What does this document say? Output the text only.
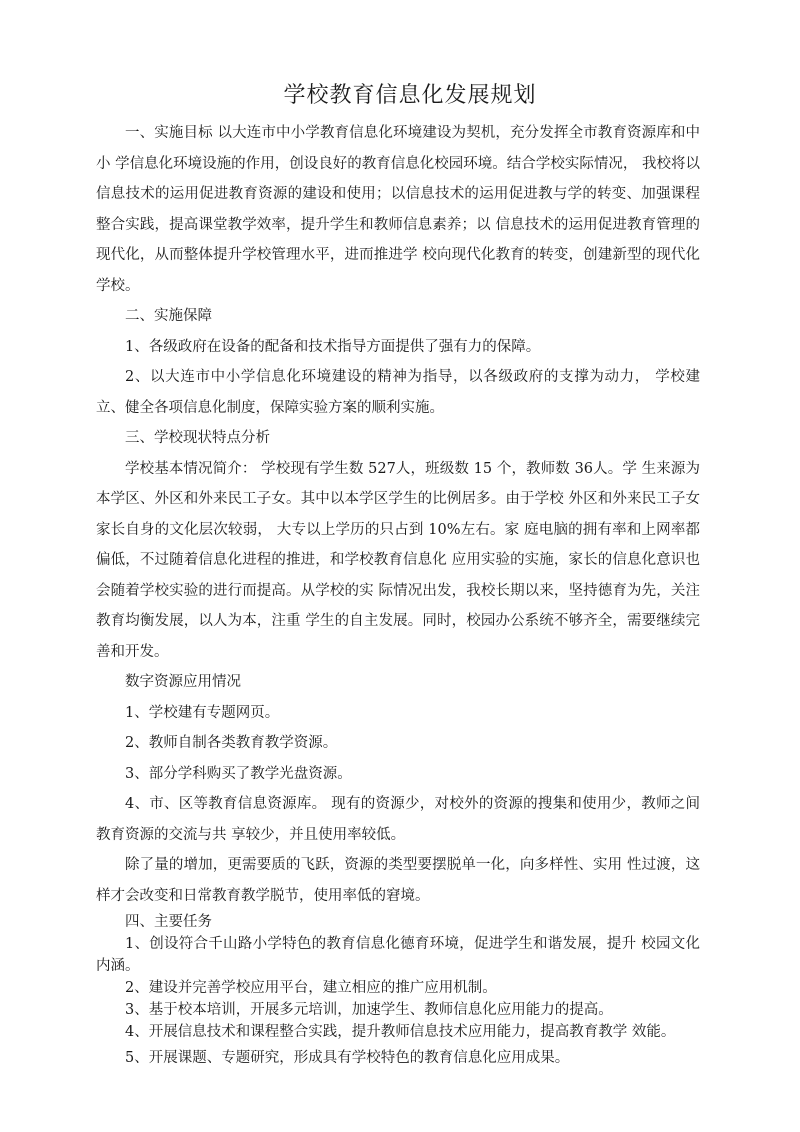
学校教育信息化发展规划

一、实施目标 以大连市中小学教育信息化环境建设为契机，充分发挥全市教育资源库和中小 学信息化环境设施的作用，创设良好的教育信息化校园环境。结合学校实际情况， 我校将以信息技术的运用促进教育资源的建设和使用；以信息技术的运用促进教与学的转变、加强课程整合实践，提高课堂教学效率，提升学生和教师信息素养；以 信息技术的运用促进教育管理的现代化，从而整体提升学校管理水平，进而推进学 校向现代化教育的转变，创建新型的现代化学校。

二、实施保障

1、各级政府在设备的配备和技术指导方面提供了强有力的保障。

2、以大连市中小学信息化环境建设的精神为指导，以各级政府的支撑为动力， 学校建立、健全各项信息化制度，保障实验方案的顺利实施。

三、学校现状特点分析

学校基本情况简介： 学校现有学生数 527人，班级数 15 个，教师数 36人。学 生来源为本学区、外区和外来民工子女。其中以本学区学生的比例居多。由于学校 外区和外来民工子女家长自身的文化层次较弱， 大专以上学历的只占到 10%左右。家 庭电脑的拥有率和上网率都偏低，不过随着信息化进程的推进，和学校教育信息化 应用实验的实施，家长的信息化意识也会随着学校实验的进行而提高。从学校的实 际情况出发，我校长期以来，坚持德育为先，关注教育均衡发展，以人为本，注重 学生的自主发展。同时，校园办公系统不够齐全，需要继续完善和开发。

数字资源应用情况

1、学校建有专题网页。

2、教师自制各类教育教学资源。

3、部分学科购买了教学光盘资源。

4、市、区等教育信息资源库。 现有的资源少，对校外的资源的搜集和使用少，教师之间教育资源的交流与共 享较少，并且使用率较低。

除了量的增加，更需要质的飞跃，资源的类型要摆脱单一化，向多样性、实用 性过渡，这样才会改变和日常教育教学脱节，使用率低的窘境。

四、主要任务

1、创设符合千山路小学特色的教育信息化德育环境，促进学生和谐发展，提升 校园文化内涵。

2、建设并完善学校应用平台，建立相应的推广应用机制。

3、基于校本培训，开展多元培训，加速学生、教师信息化应用能力的提高。

4、开展信息技术和课程整合实践，提升教师信息技术应用能力，提高教育教学 效能。

5、开展课题、专题研究，形成具有学校特色的教育信息化应用成果。
